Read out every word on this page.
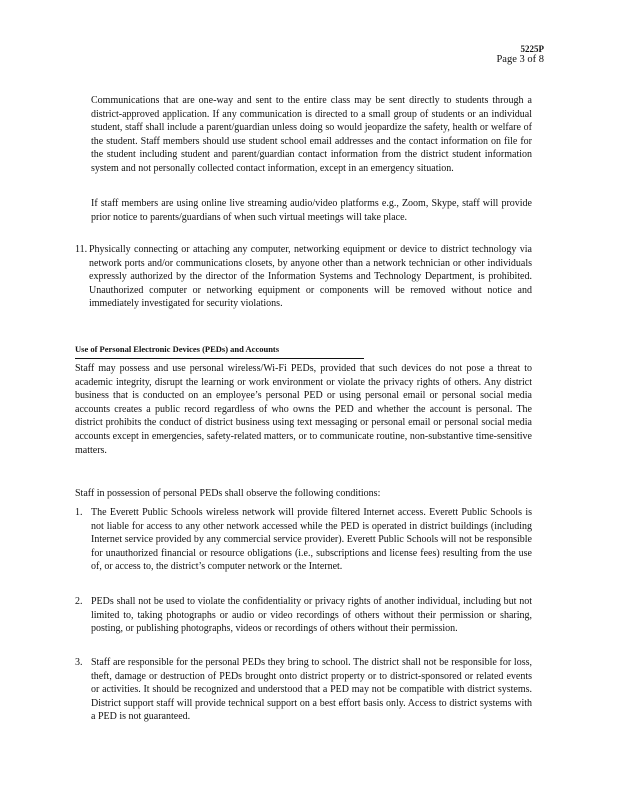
5225P
Page 3 of 8

Communications that are one-way and sent to the entire class may be sent directly to students through a district-approved application. If any communication is directed to a small group of students or an individual student, staff shall include a parent/guardian unless doing so would jeopardize the safety, health or welfare of the student. Staff members should use student school email addresses and the contact information on file for the student including student and parent/guardian contact information from the district student information system and not personally collected contact information, except in an emergency situation.

If staff members are using online live streaming audio/video platforms e.g., Zoom, Skype, staff will provide prior notice to parents/guardians of when such virtual meetings will take place.

11. Physically connecting or attaching any computer, networking equipment or device to district technology via network ports and/or communications closets, by anyone other than a network technician or other individuals expressly authorized by the director of the Information Systems and Technology Department, is prohibited. Unauthorized computer or networking equipment or components will be removed without notice and immediately investigated for security violations.
Use of Personal Electronic Devices (PEDs) and Accounts

Staff may possess and use personal wireless/Wi-Fi PEDs, provided that such devices do not pose a threat to academic integrity, disrupt the learning or work environment or violate the privacy rights of others. Any district business that is conducted on an employee’s personal PED or using personal email or personal social media accounts creates a public record regardless of who owns the PED and whether the account is personal. The district prohibits the conduct of district business using text messaging or personal email or personal social media accounts except in emergencies, safety-related matters, or to communicate routine, non-substantive time-sensitive matters.

Staff in possession of personal PEDs shall observe the following conditions:

1. The Everett Public Schools wireless network will provide filtered Internet access. Everett Public Schools is not liable for access to any other network accessed while the PED is operated in district buildings (including Internet service provided by any commercial service provider). Everett Public Schools will not be responsible for unauthorized financial or resource obligations (i.e., subscriptions and license fees) resulting from the use of, or access to, the district’s computer network or the Internet.
2. PEDs shall not be used to violate the confidentiality or privacy rights of another individual, including but not limited to, taking photographs or audio or video recordings of others without their permission or sharing, posting, or publishing photographs, videos or recordings of others without their permission.
3. Staff are responsible for the personal PEDs they bring to school. The district shall not be responsible for loss, theft, damage or destruction of PEDs brought onto district property or to district-sponsored or related events or activities. It should be recognized and understood that a PED may not be compatible with district systems. District support staff will provide technical support on a best effort basis only. Access to district systems with a PED is not guaranteed.
